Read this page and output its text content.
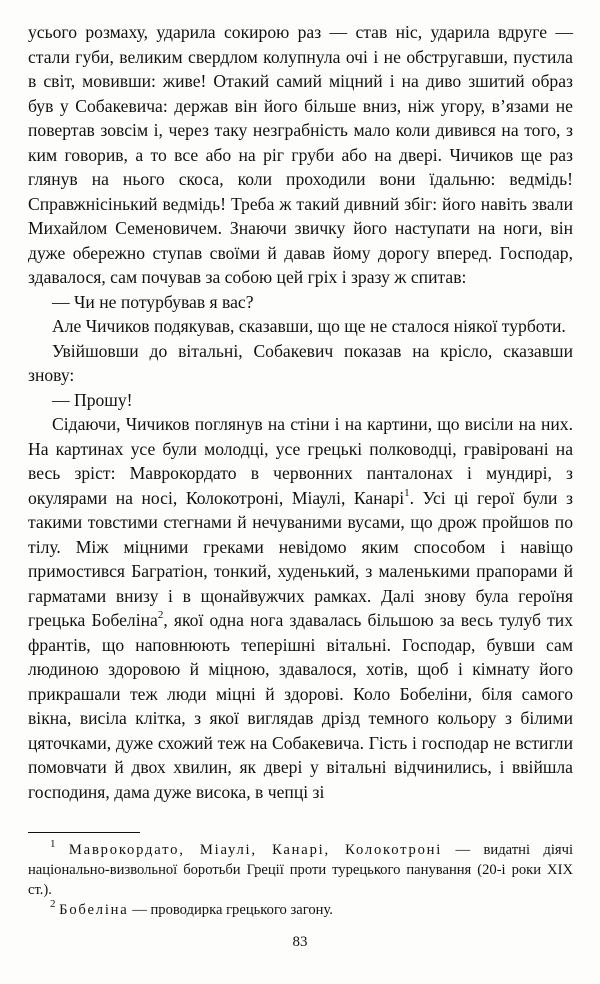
усього розмаху, ударила сокирою раз — став ніс, ударила вдруге — стали губи, великим свердлом колупнула очі і не обстругавши, пустила в світ, мовивши: живе! Отакий самий міцний і на диво зшитий образ був у Собакевича: держав він його більше вниз, ніж угору, в’язами не повертав зовсім і, через таку незграбність мало коли дивився на того, з ким говорив, а то все або на ріг груби або на двері. Чичиков ще раз глянув на нього скоса, коли проходили вони їдальню: ведмідь! Справжнісінький ведмідь! Треба ж такий дивний збіг: його навіть звали Михайлом Семеновичем. Знаючи звичку його наступати на ноги, він дуже обережно ступав своїми й давав йому дорогу вперед. Господар, здавалося, сам почував за собою цей гріх і зразу ж спитав:

— Чи не потурбував я вас?

Але Чичиков подякував, сказавши, що ще не сталося ніякої турботи.

Увійшовши до вітальні, Собакевич показав на крісло, сказавши знову:

— Прошу!

Сідаючи, Чичиков поглянув на стіни і на картини, що висіли на них. На картинах усе були молодці, усе грецькі полководці, гравіровані на весь зріст: Маврокордато в червонних панталонах і мундирі, з окулярами на носі, Колокотроні, Міаулі, Канарі$^1$. Усі ці герої були з такими товстими стегнами й нечуваними вусами, що дрож пройшов по тілу. Між міцними греками невідомо яким способом і навіщо примостився Багратіон, тонкий, худенький, з маленькими прапорами й гарматами внизу і в щонайвужчих рамках. Далі знову була героїня грецька Бобеліна$^2$, якої одна нога здавалась більшою за весь тулуб тих франтів, що наповнюють теперішні вітальні. Господар, бувши сам людиною здоровою й міцною, здавалося, хотів, щоб і кімнату його прикрашали теж люди міцні й здорові. Коло Бобеліни, біля самого вікна, висіла клітка, з якої виглядав дрізд темного кольору з білими цяточками, дуже схожий теж на Собакевича. Гість і господар не встигли помовчати й двох хвилин, як двері у вітальні відчинились, і ввійшла господиня, дама дуже висока, в чепці зі

$^1$ Маврокордато, Міаулі, Канарі, Колокотроні — видатні діячі національно-визвольної боротьби Греції проти турецького панування (20-і роки XIX ст.).

$^2$ Бобеліна — проводирка грецького загону.

83
